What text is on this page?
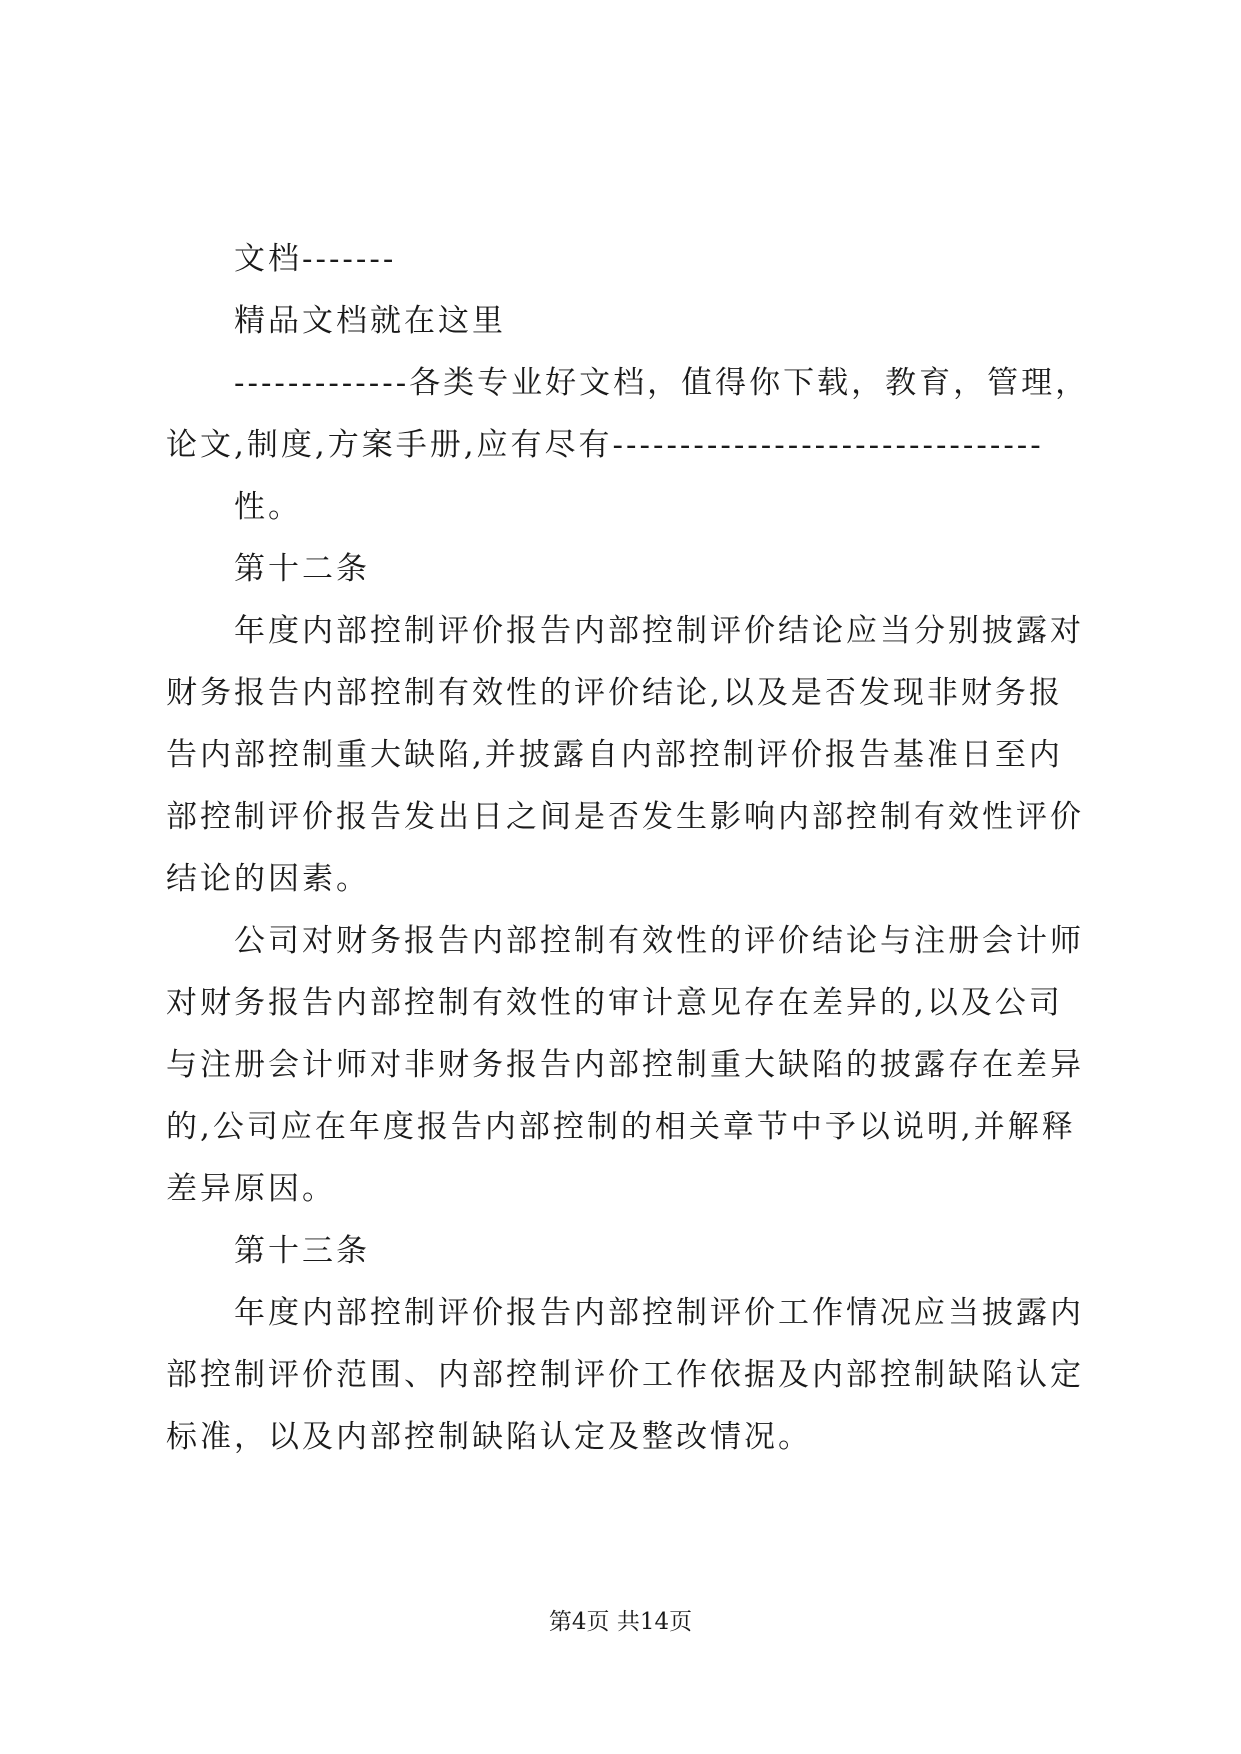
文档-------

精品文档就在这里

-------------各类专业好文档，值得你下载，教育，管理，论文,制度,方案手册,应有尽有--------------------------------

性。

第十二条

年度内部控制评价报告内部控制评价结论应当分别披露对财务报告内部控制有效性的评价结论,以及是否发现非财务报告内部控制重大缺陷,并披露自内部控制评价报告基准日至内部控制评价报告发出日之间是否发生影响内部控制有效性评价结论的因素。

公司对财务报告内部控制有效性的评价结论与注册会计师对财务报告内部控制有效性的审计意见存在差异的,以及公司与注册会计师对非财务报告内部控制重大缺陷的披露存在差异的,公司应在年度报告内部控制的相关章节中予以说明,并解释差异原因。

第十三条

年度内部控制评价报告内部控制评价工作情况应当披露内部控制评价范围、内部控制评价工作依据及内部控制缺陷认定标准，以及内部控制缺陷认定及整改情况。

第4页 共14页
